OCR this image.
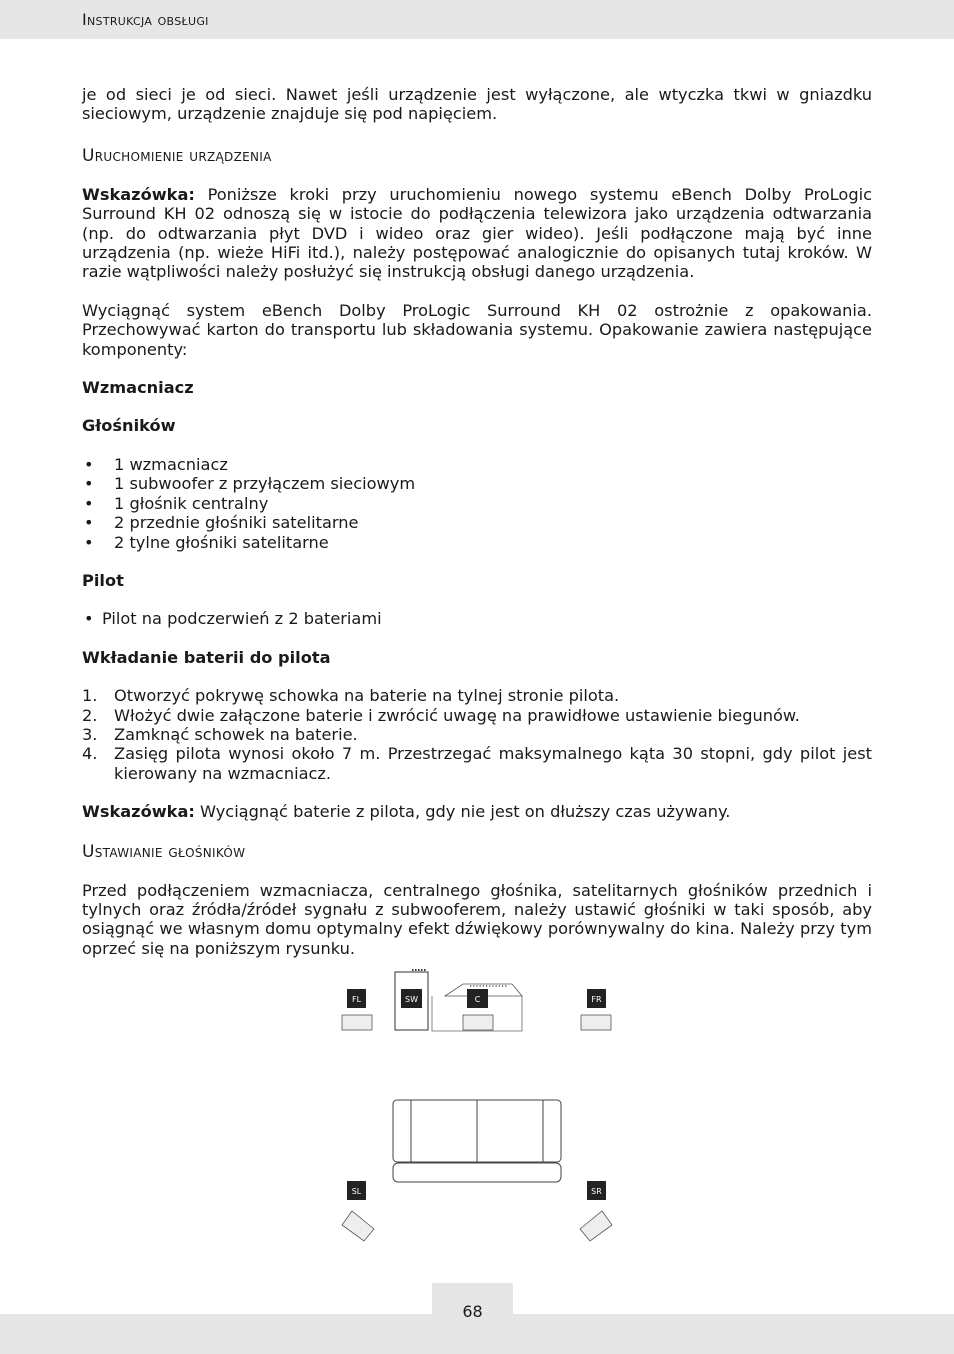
Instrukcja obsługi

je od sieci je od sieci. Nawet jeśli urządzenie jest wyłączone, ale wtyczka tkwi w gniazdku sieciowym, urządzenie znajduje się pod napięciem.

Uruchomienie urządzenia

Wskazówka: Poniższe kroki przy uruchomieniu nowego systemu eBench Dolby ProLogic Surround KH 02 odnoszą się w istocie do podłączenia telewizora jako urządzenia odtwarzania (np. do odtwarzania płyt DVD i wideo oraz gier wideo). Jeśli podłączone mają być inne urządzenia (np. wieże HiFi itd.), należy postępować analogicznie do opisanych tutaj kroków. W razie wątpliwości należy posłużyć się instrukcją obsługi danego urządzenia.

Wyciągnąć system eBench Dolby ProLogic Surround KH 02 ostrożnie z opakowania. Przechowywać karton do transportu lub składowania systemu. Opakowanie zawiera następujące komponenty:

Wzmacniacz

Głośników

• 1 wzmacniacz
• 1 subwoofer z przyłączem sieciowym
• 1 głośnik centralny
• 2 przednie głośniki satelitarne
• 2 tylne głośniki satelitarne

Pilot

• Pilot na podczerwień z 2 bateriami

Wkładanie baterii do pilota

1. Otworzyć pokrywę schowka na baterie na tylnej stronie pilota.
2. Włożyć dwie załączone baterie i zwrócić uwagę na prawidłowe ustawienie biegunów.
3. Zamknąć schowek na baterie.
4. Zasięg pilota wynosi około 7 m. Przestrzegać maksymalnego kąta 30 stopni, gdy pilot jest kierowany na wzmacniacz.

Wskazówka: Wyciągnąć baterie z pilota, gdy nie jest on dłuższy czas używany.

Ustawianie głośników

Przed podłączeniem wzmacniacza, centralnego głośnika, satelitarnych głośników przednich i tylnych oraz źródła/źródeł sygnału z subwooferem, należy ustawić głośniki w taki sposób, aby osiągnąć we własnym domu optymalny efekt dźwiękowy porównywalny do kina. Należy przy tym oprzeć się na poniższym rysunku.

FL	SW	C	FR
SL	SR
68
